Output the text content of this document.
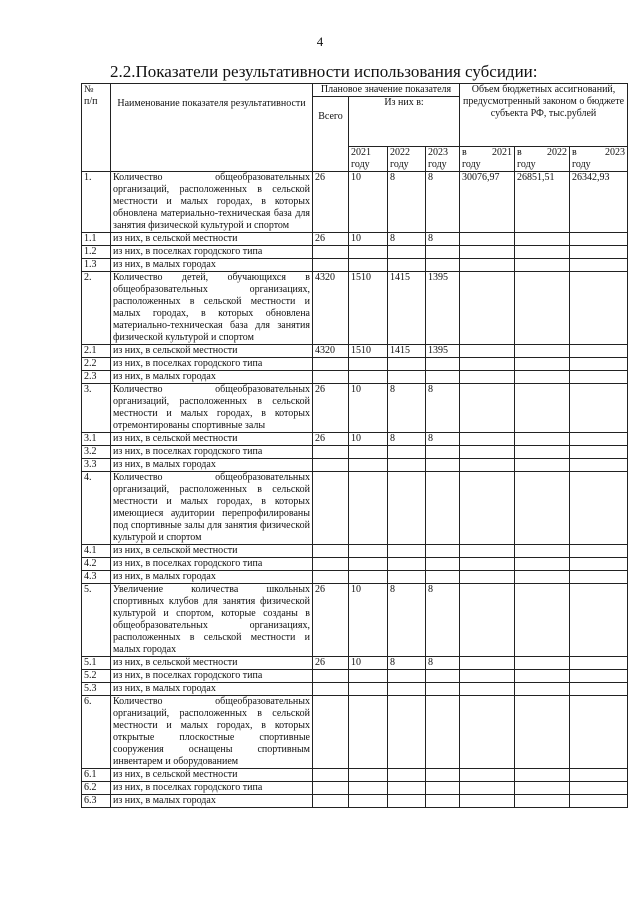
4
2.2.Показатели результативности использования субсидии:
№
п/п	Наименование показателя результативности	Плановое значение показателя				Объем бюджетных ассигнований, предусмотренный законом о бюджете субъекта РФ, тыс.рублей		
		Всего	Из них в:					

			2021
году	2022
году	2023
году	в 2021
году	в 2022
году	в 2023
году

1.	Количество общеобразовательных организаций, расположенных в сельской местности и малых городах, в которых обновлена материально-техническая база для занятия физической культурой и спортом	26	10	8	8	30076,97	26851,51	26342,93
1.1	из них, в сельской местности	26	10	8	8			
1.2	из них, в поселках городского типа							
1.3	из них, в малых городах							
2.	Количество детей, обучающихся в общеобразовательных организациях, расположенных в сельской местности и малых городах, в которых обновлена материально-техническая база для занятия физической культурой и спортом	4320	1510	1415	1395			
2.1	из них, в сельской местности	4320	1510	1415	1395			
2.2	из них, в поселках городского типа							
2.3	из них, в малых городах							
3.	Количество общеобразовательных организаций, расположенных в сельской местности и малых городах, в которых отремонтированы спортивные залы	26	10	8	8			
3.1	из них, в сельской местности	26	10	8	8			
3.2	из них, в поселках городского типа							
3.3	из них, в малых городах							
4.	Количество общеобразовательных организаций, расположенных в сельской местности и малых городах, в которых имеющиеся аудитории перепрофилированы под спортивные залы для занятия физической культурой и спортом							
4.1	из них, в сельской местности							
4.2	из них, в поселках городского типа							
4.3	из них, в малых городах							
5.	Увеличение количества школьных спортивных клубов для занятия физической культурой и спортом, которые созданы в общеобразовательных организациях, расположенных в сельской местности и малых городах	26	10	8	8			
5.1	из них, в сельской местности	26	10	8	8			
5.2	из них, в поселках городского типа							
5.3	из них, в малых городах							
6.	Количество общеобразовательных организаций, расположенных в сельской местности и малых городах, в которых открытые плоскостные спортивные сооружения оснащены спортивным инвентарем и оборудованием							
6.1	из них, в сельской местности							
6.2	из них, в поселках городского типа							
6.3	из них, в малых городах							
